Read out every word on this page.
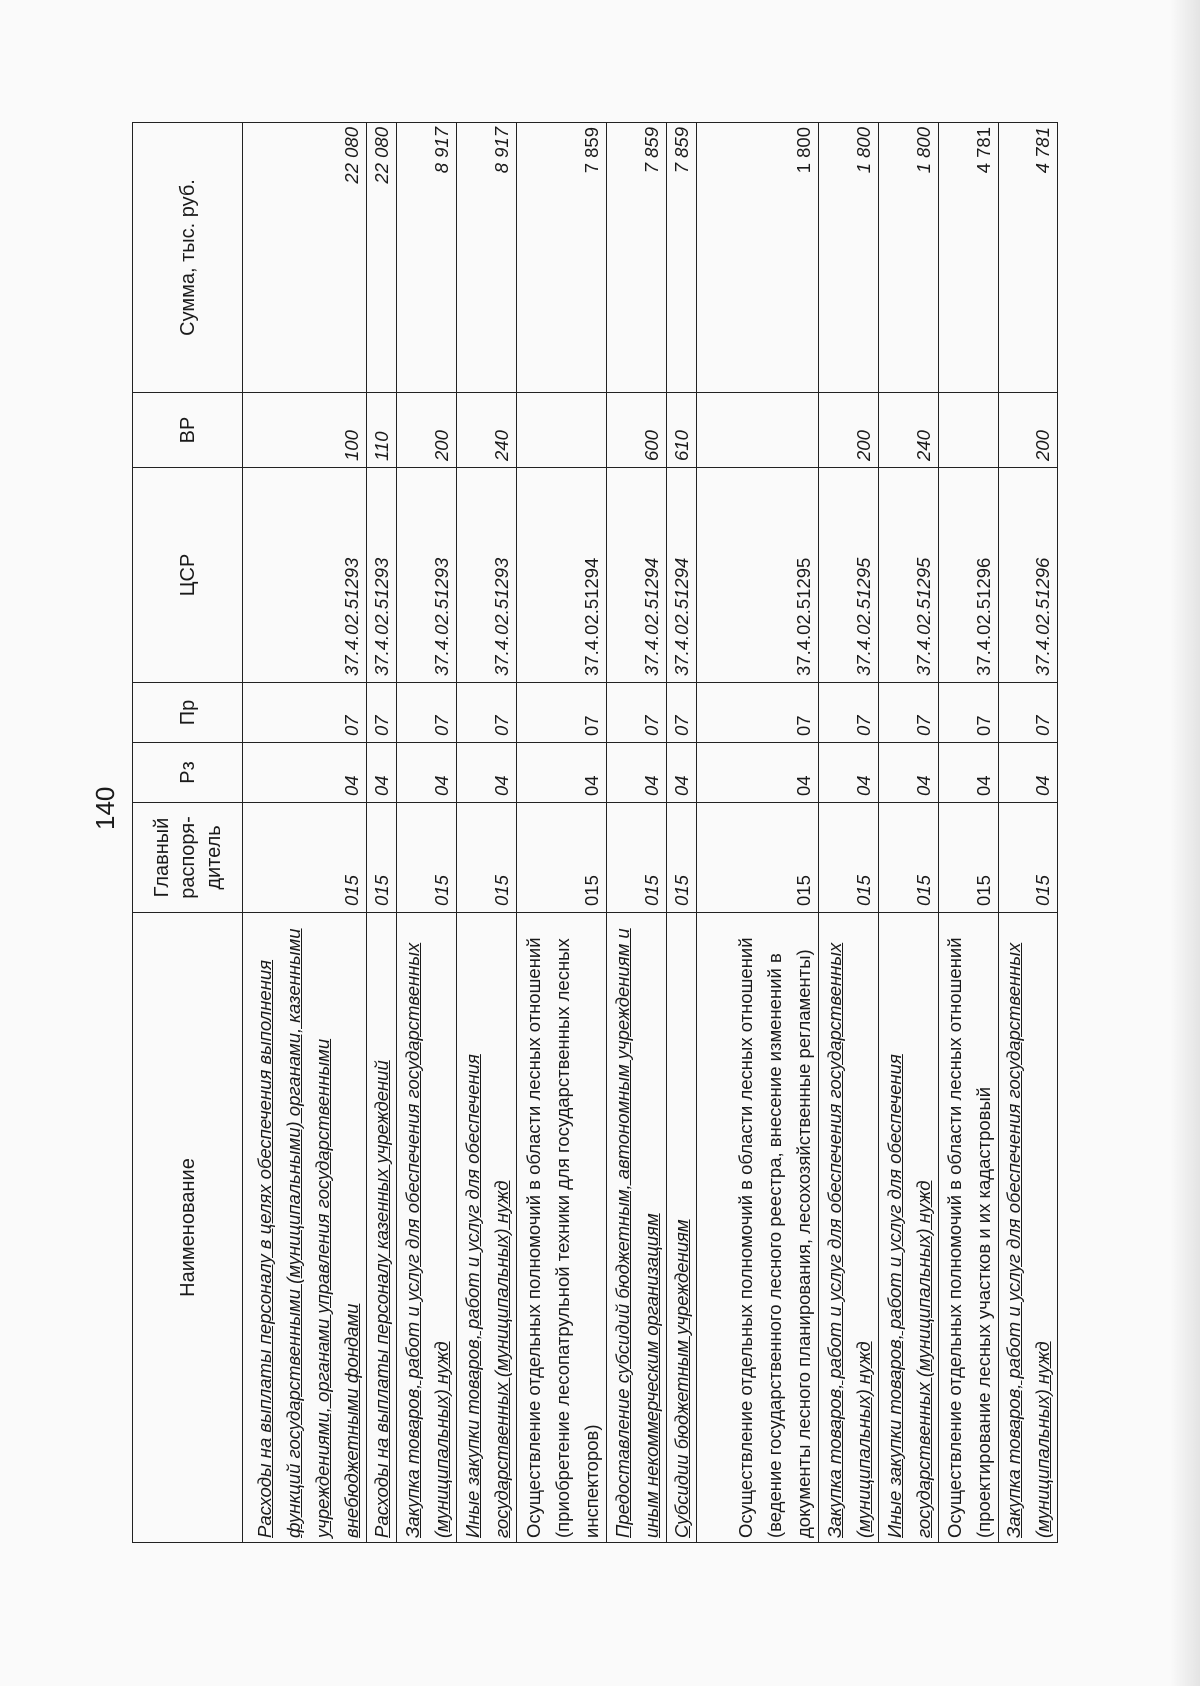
140
Наименование	Главный распоря-дитель	Рз	Пр	ЦСР	ВР	Сумма, тыс. руб.
Расходы на выплаты персоналу в целях обеспечения выполнения функций государственными (муниципальными) органами, казенными учреждениями, органами управления государственными внебюджетными фондами	015	04	07	37.4.02.51293	100	22 080
Расходы на выплаты персоналу казенных учреждений	015	04	07	37.4.02.51293	110	22 080
Закупка товаров, работ и услуг для обеспечения государственных (муниципальных) нужд	015	04	07	37.4.02.51293	200	8 917
Иные закупки товаров, работ и услуг для обеспечения государственных (муниципальных) нужд	015	04	07	37.4.02.51293	240	8 917
Осуществление отдельных полномочий в области лесных отношений (приобретение лесопатрульной техники для государственных лесных инспекторов)	015	04	07	37.4.02.51294		7 859
Предоставление субсидий бюджетным, автономным учреждениям и иным некоммерческим организациям	015	04	07	37.4.02.51294	600	7 859
Субсидии бюджетным учреждениям	015	04	07	37.4.02.51294	610	7 859
Осуществление отдельных полномочий в области лесных отношений (ведение государственного лесного реестра, внесение изменений в документы лесного планирования, лесохозяйственные регламенты)	015	04	07	37.4.02.51295		1 800
Закупка товаров, работ и услуг для обеспечения государственных (муниципальных) нужд	015	04	07	37.4.02.51295	200	1 800
Иные закупки товаров, работ и услуг для обеспечения государственных (муниципальных) нужд	015	04	07	37.4.02.51295	240	1 800
Осуществление отдельных полномочий в области лесных отношений (проектирование лесных участков и их кадастровый	015	04	07	37.4.02.51296		4 781
Закупка товаров, работ и услуг для обеспечения государственных (муниципальных) нужд	015	04	07	37.4.02.51296	200	4 781
